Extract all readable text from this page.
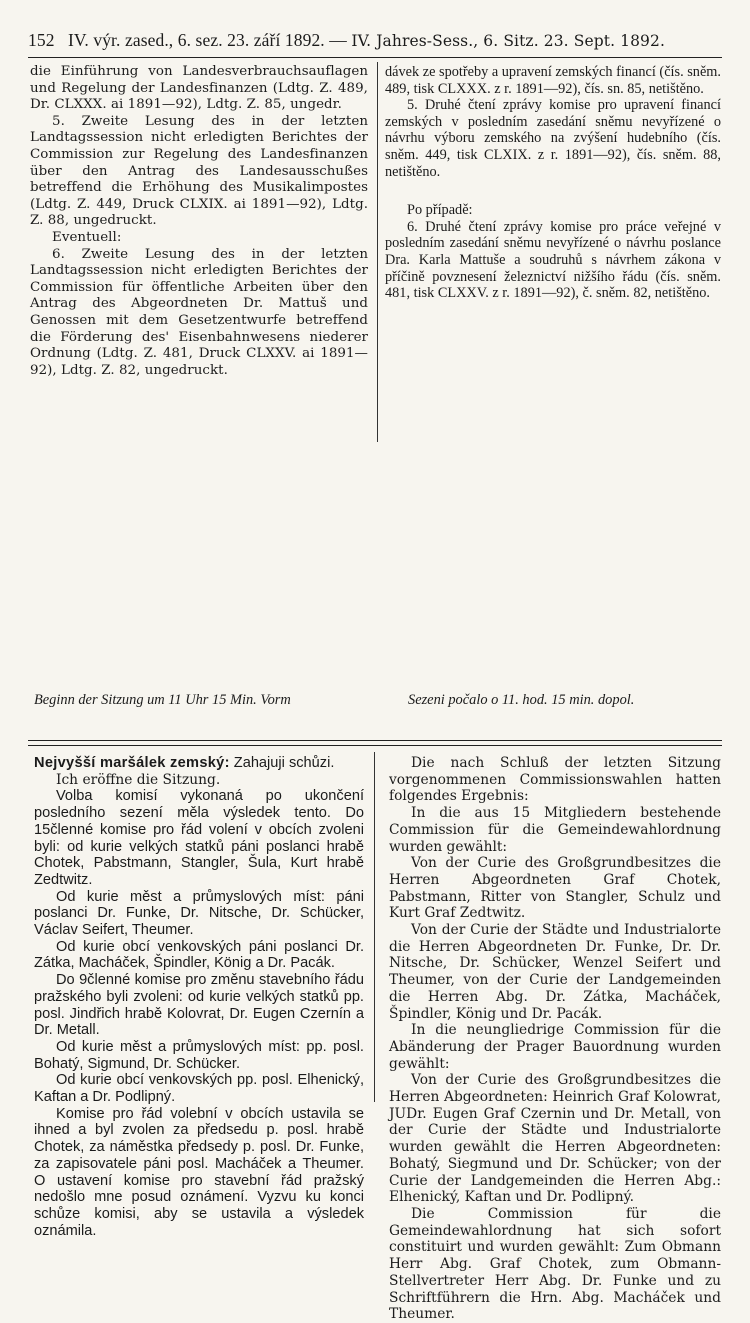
152 IV. výr. zased., 6. sez. 23. září 1892. — IV. Jahres-Sess., 6. Sitz. 23. Sept. 1892.

die Einführung von Landesverbrauchsauflagen und Regelung der Landesfinanzen (Ldtg. Z. 489, Dr. CLXXX. ai 1891—92), Ldtg. Z. 85, ungedr.

5. Zweite Lesung des in der letzten Landtagssession nicht erledigten Berichtes der Commission zur Regelung des Landesfinanzen über den Antrag des Landesausschußes betreffend die Erhöhung des Musikalimpostes (Ldtg. Z. 449, Druck CLXIX. ai 1891—92), Ldtg. Z. 88, ungedruckt.

Eventuell:

6. Zweite Lesung des in der letzten Landtagssession nicht erledigten Berichtes der Commission für öffentliche Arbeiten über den Antrag des Abgeordneten Dr. Mattuš und Genossen mit dem Gesetzentwurfe betreffend die Förderung des' Eisenbahnwesens niederer Ordnung (Ldtg. Z. 481, Druck CLXXV. ai 1891—92), Ldtg. Z. 82, ungedruckt.

dávek ze spotřeby a upravení zemských financí (čís. sněm. 489, tisk CLXXX. z r. 1891—92), čís. sn. 85, netištěno.

5. Druhé čtení zprávy komise pro upravení financí zemských v posledním zasedání sněmu nevyřízené o návrhu výboru zemského na zvýšení hudebního (čís. sněm. 449, tisk CLXIX. z r. 1891—92), čís. sněm. 88, netištěno.

Po případě:

6. Druhé čtení zprávy komise pro práce veřejné v posledním zasedání sněmu nevyřízené o návrhu poslance Dra. Karla Mattuše a soudruhů s návrhem zákona v příčině povznesení železnictví nižšího řádu (čís. sněm. 481, tisk CLXXV. z r. 1891—92), č. sněm. 82, netištěno.

Beginn der Sitzung um 11 Uhr 15 Min. Vorm	Sezeni počalo o 11. hod. 15 min. dopol.

Nejvyšší maršálek zemský: Zahajuji schůzi.

Ich eröffne die Sitzung.

Volba komisí vykonaná po ukončení posledního sezení měla výsledek tento. Do 15členné komise pro řád volení v obcích zvoleni byli: od kurie velkých statků páni poslanci hrabě Chotek, Pabstmann, Stangler, Šula, Kurt hrabě Zedtwitz.

Od kurie měst a průmyslových míst: páni poslanci Dr. Funke, Dr. Nitsche, Dr. Schücker, Václav Seifert, Theumer.

Od kurie obcí venkovských páni poslanci Dr. Zátka, Macháček, Špindler, König a Dr. Pacák.

Do 9členné komise pro změnu stavebního řádu pražského byli zvoleni: od kurie velkých statků pp. posl. Jindřich hrabě Kolovrat, Dr. Eugen Czernín a Dr. Metall.

Od kurie měst a průmyslových míst: pp. posl. Bohatý, Sigmund, Dr. Schücker.

Od kurie obcí venkovských pp. posl. Elhenický, Kaftan a Dr. Podlipný.

Komise pro řád volební v obcích ustavila se ihned a byl zvolen za předsedu p. posl. hrabě Chotek, za náměstka předsedy p. posl. Dr. Funke, za zapisovatele páni posl. Macháček a Theumer. O ustavení komise pro stavební řád pražský nedošlo mne posud oznámení. Vyzvu ku konci schůze komisi, aby se ustavila a výsledek oznámila.

Die nach Schluß der letzten Sitzung vorgenommenen Commissionswahlen hatten folgendes Ergebnis:

In die aus 15 Mitgliedern bestehende Commission für die Gemeindewahlordnung wurden gewählt:

Von der Curie des Großgrundbesitzes die Herren Abgeordneten Graf Chotek, Pabstmann, Ritter von Stangler, Schulz und Kurt Graf Zedtwitz.

Von der Curie der Städte und Industrialorte die Herren Abgeordneten Dr. Funke, Dr. Dr. Nitsche, Dr. Schücker, Wenzel Seifert und Theumer, von der Curie der Landgemeinden die Herren Abg. Dr. Zátka, Macháček, Špindler, König und Dr. Pacák.

In die neungliedrige Commission für die Abänderung der Prager Bauordnung wurden gewählt:

Von der Curie des Großgrundbesitzes die Herren Abgeordneten: Heinrich Graf Kolowrat, JUDr. Eugen Graf Czernin und Dr. Metall, von der Curie der Städte und Industrialorte wurden gewählt die Herren Abgeordneten: Bohatý, Siegmund und Dr. Schücker; von der Curie der Landgemeinden die Herren Abg.: Elhenický, Kaftan und Dr. Podlipný.

Die Commission für die Gemeindewahlordnung hat sich sofort constituirt und wurden gewählt: Zum Obmann Herr Abg. Graf Chotek, zum Obmann-Stellvertreter Herr Abg. Dr. Funke und zu Schriftführern die Hrn. Abg. Macháček und Theumer.
